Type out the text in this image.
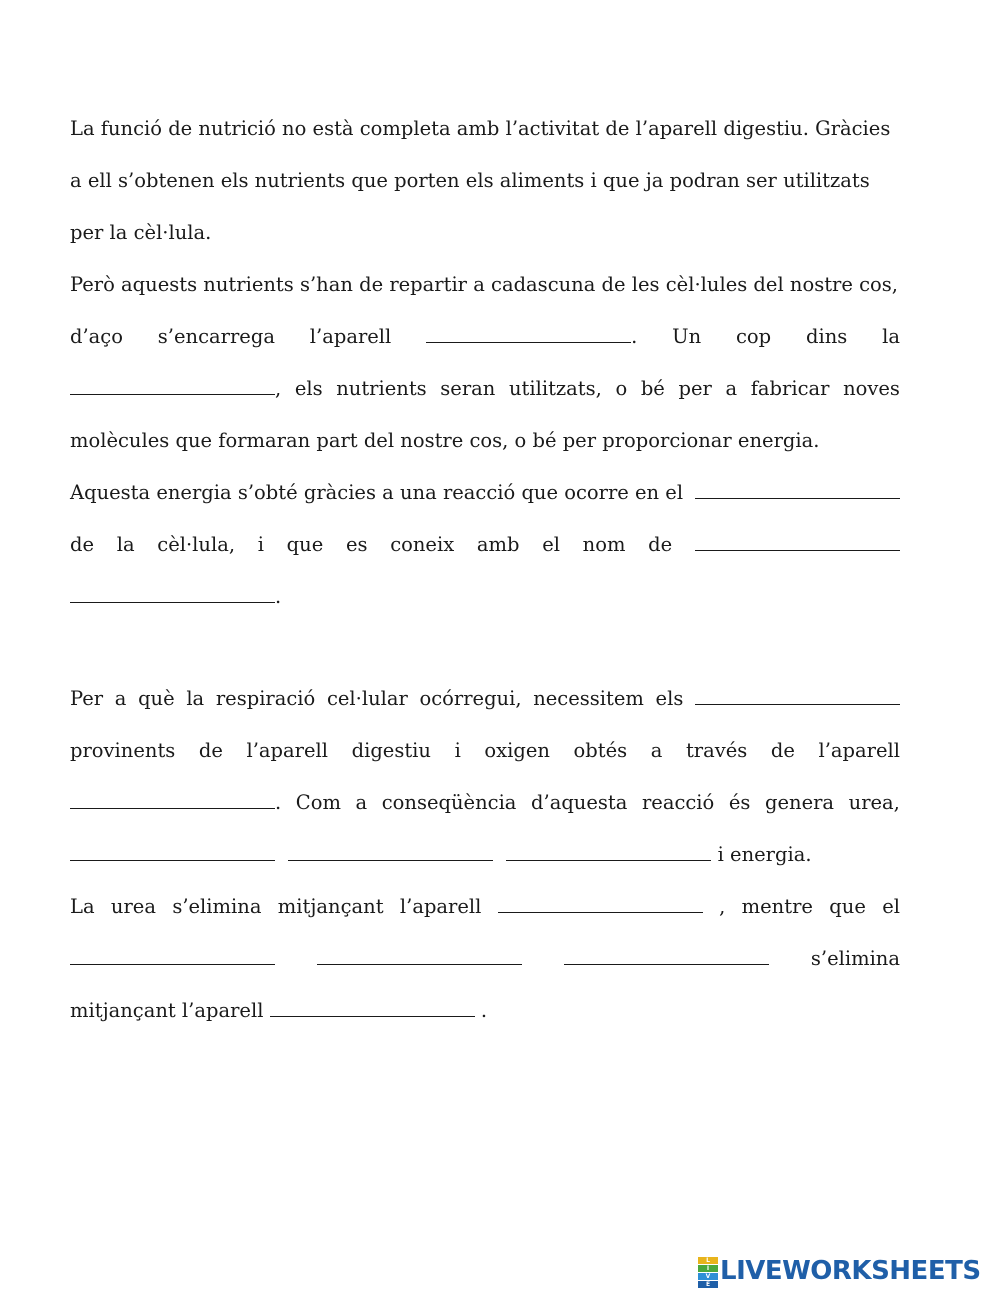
La funció de nutrició no està completa amb l’activitat de l’aparell digestiu. Gràcies
a ell s’obtenen els nutrients que porten els aliments i que ja podran ser utilitzats
per la cèl·lula.
Però aquests nutrients s’han de repartir a cadascuna de les cèl·lules del nostre cos,
d’aço s’encarrega l’aparell	. Un cop dins la
, els nutrients seran utilitzats, o bé per a fabricar noves
molècules que formaran part del nostre cos, o bé per proporcionar energia.
Aquesta energia s’obté gràcies a una reacció que ocorre en el
de la cèl·lula, i que es coneix amb el nom de
.
Per a què la respiració cel·lular ocórregui, necessitem els
provinents de l’aparell digestiu i oxigen obtés a través de l’aparell
. Com a conseqüència d’aquesta reacció és genera urea,
i energia.
La urea s’elimina mitjançant l’aparell	, mentre que el
s’elimina
mitjançant l’aparell	.
L
I
V
E LIVEWORKSHEETS
